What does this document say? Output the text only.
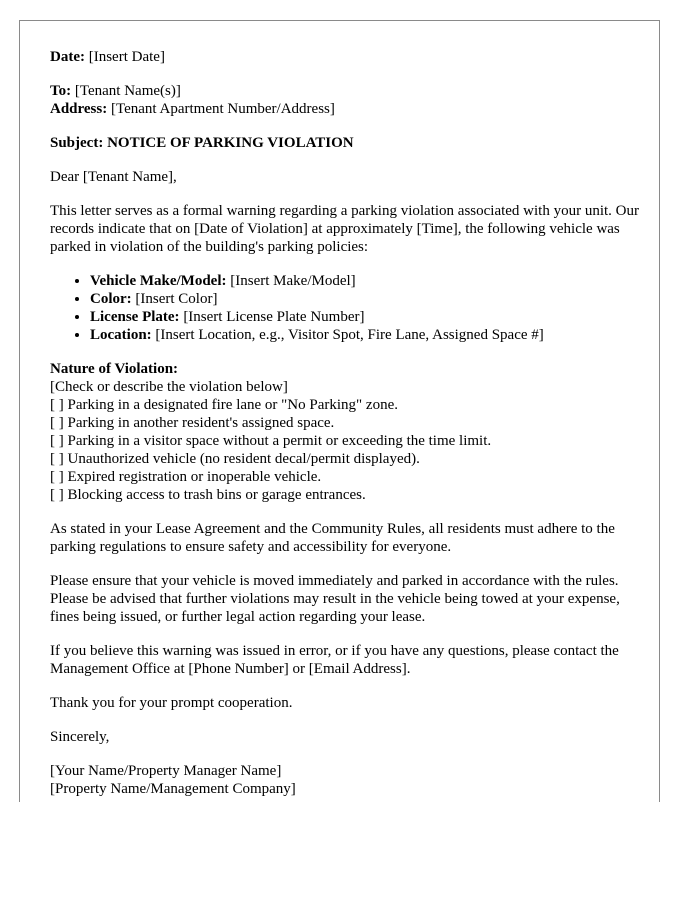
Date: [Insert Date]

To: [Tenant Name(s)]
Address: [Tenant Apartment Number/Address]

Subject: NOTICE OF PARKING VIOLATION

Dear [Tenant Name],

This letter serves as a formal warning regarding a parking violation associated with your unit. Our records indicate that on [Date of Violation] at approximately [Time], the following vehicle was parked in violation of the building's parking policies:

• Vehicle Make/Model: [Insert Make/Model]
• Color: [Insert Color]
• License Plate: [Insert License Plate Number]
• Location: [Insert Location, e.g., Visitor Spot, Fire Lane, Assigned Space #]

Nature of Violation:
[Check or describe the violation below]
[ ] Parking in a designated fire lane or "No Parking" zone.
[ ] Parking in another resident's assigned space.
[ ] Parking in a visitor space without a permit or exceeding the time limit.
[ ] Unauthorized vehicle (no resident decal/permit displayed).
[ ] Expired registration or inoperable vehicle.
[ ] Blocking access to trash bins or garage entrances.

As stated in your Lease Agreement and the Community Rules, all residents must adhere to the parking regulations to ensure safety and accessibility for everyone.

Please ensure that your vehicle is moved immediately and parked in accordance with the rules. Please be advised that further violations may result in the vehicle being towed at your expense, fines being issued, or further legal action regarding your lease.

If you believe this warning was issued in error, or if you have any questions, please contact the Management Office at [Phone Number] or [Email Address].

Thank you for your prompt cooperation.

Sincerely,

[Your Name/Property Manager Name]
[Property Name/Management Company]
